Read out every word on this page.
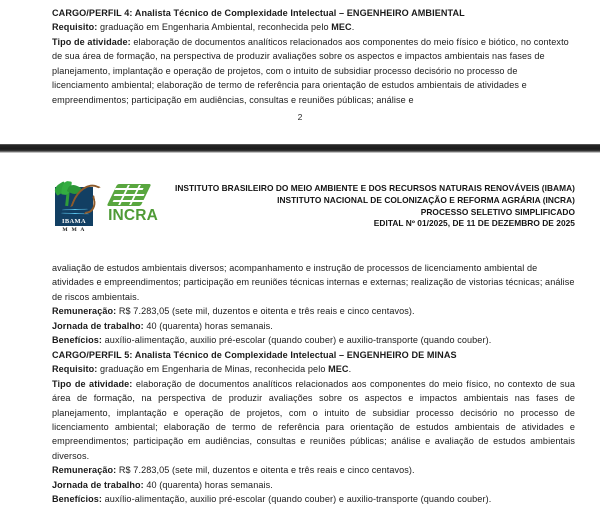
CARGO/PERFIL 4: Analista Técnico de Complexidade Intelectual – ENGENHEIRO AMBIENTAL

Requisito: graduação em Engenharia Ambiental, reconhecida pelo MEC.

Tipo de atividade: elaboração de documentos analíticos relacionados aos componentes do meio físico e biótico, no contexto de sua área de formação, na perspectiva de produzir avaliações sobre os aspectos e impactos ambientais nas fases de planejamento, implantação e operação de projetos, com o intuito de subsidiar processo decisório no processo de licenciamento ambiental; elaboração de termo de referência para orientação de estudos ambientais de atividades e empreendimentos; participação em audiências, consultas e reuniões públicas; análise e

2
IBAMA
M M A
INCRA
INSTITUTO BRASILEIRO DO MEIO AMBIENTE E DOS RECURSOS NATURAIS RENOVÁVEIS (IBAMA)
INSTITUTO NACIONAL DE COLONIZAÇÃO E REFORMA AGRÁRIA (INCRA)
PROCESSO SELETIVO SIMPLIFICADO
EDITAL Nº 01/2025, DE 11 DE DEZEMBRO DE 2025

avaliação de estudos ambientais diversos; acompanhamento e instrução de processos de licenciamento ambiental de atividades e empreendimentos; participação em reuniões técnicas internas e externas; realização de vistorias técnicas; análise de riscos ambientais.

Remuneração: R$ 7.283,05 (sete mil, duzentos e oitenta e três reais e cinco centavos).

Jornada de trabalho: 40 (quarenta) horas semanais.

Benefícios: auxílio-alimentação, auxilio pré-escolar (quando couber) e auxilio-transporte (quando couber).

CARGO/PERFIL 5: Analista Técnico de Complexidade Intelectual – ENGENHEIRO DE MINAS

Requisito: graduação em Engenharia de Minas, reconhecida pelo MEC.

Tipo de atividade: elaboração de documentos analíticos relacionados aos componentes do meio físico, no contexto de sua área de formação, na perspectiva de produzir avaliações sobre os aspectos e impactos ambientais nas fases de planejamento, implantação e operação de projetos, com o intuito de subsidiar processo decisório no processo de licenciamento ambiental; elaboração de termo de referência para orientação de estudos ambientais de atividades e empreendimentos; participação em audiências, consultas e reuniões públicas; análise e avaliação de estudos ambientais diversos.

Remuneração: R$ 7.283,05 (sete mil, duzentos e oitenta e três reais e cinco centavos).

Jornada de trabalho: 40 (quarenta) horas semanais.

Benefícios: auxílio-alimentação, auxilio pré-escolar (quando couber) e auxilio-transporte (quando couber).
